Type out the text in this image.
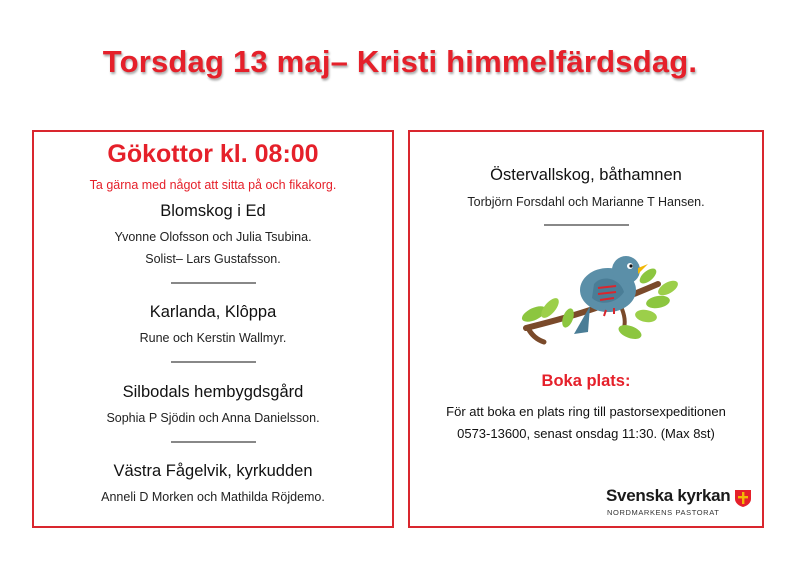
Torsdag 13 maj– Kristi himmelfärdsdag.
Gökottor kl. 08:00
Ta gärna med något att sitta på och fikakorg.
Blomskog i Ed
Yvonne Olofsson och Julia Tsubina.
Solist– Lars Gustafsson.
——————
Karlanda, Klôppa
Rune och Kerstin Wallmyr.
——————
Silbodals hembygdsgård
Sophia P Sjödin och Anna Danielsson.
——————
Västra Fågelvik, kyrkudden
Anneli D Morken och Mathilda Röjdemo.
Östervallskog, båthamnen
Torbjörn Forsdahl och Marianne T Hansen.
——————
Boka plats:
För att boka en plats ring till pastorsexpeditionen
0573-13600, senast onsdag 11:30. (Max 8st)
Svenska kyrkan
NORDMARKENS PASTORAT
